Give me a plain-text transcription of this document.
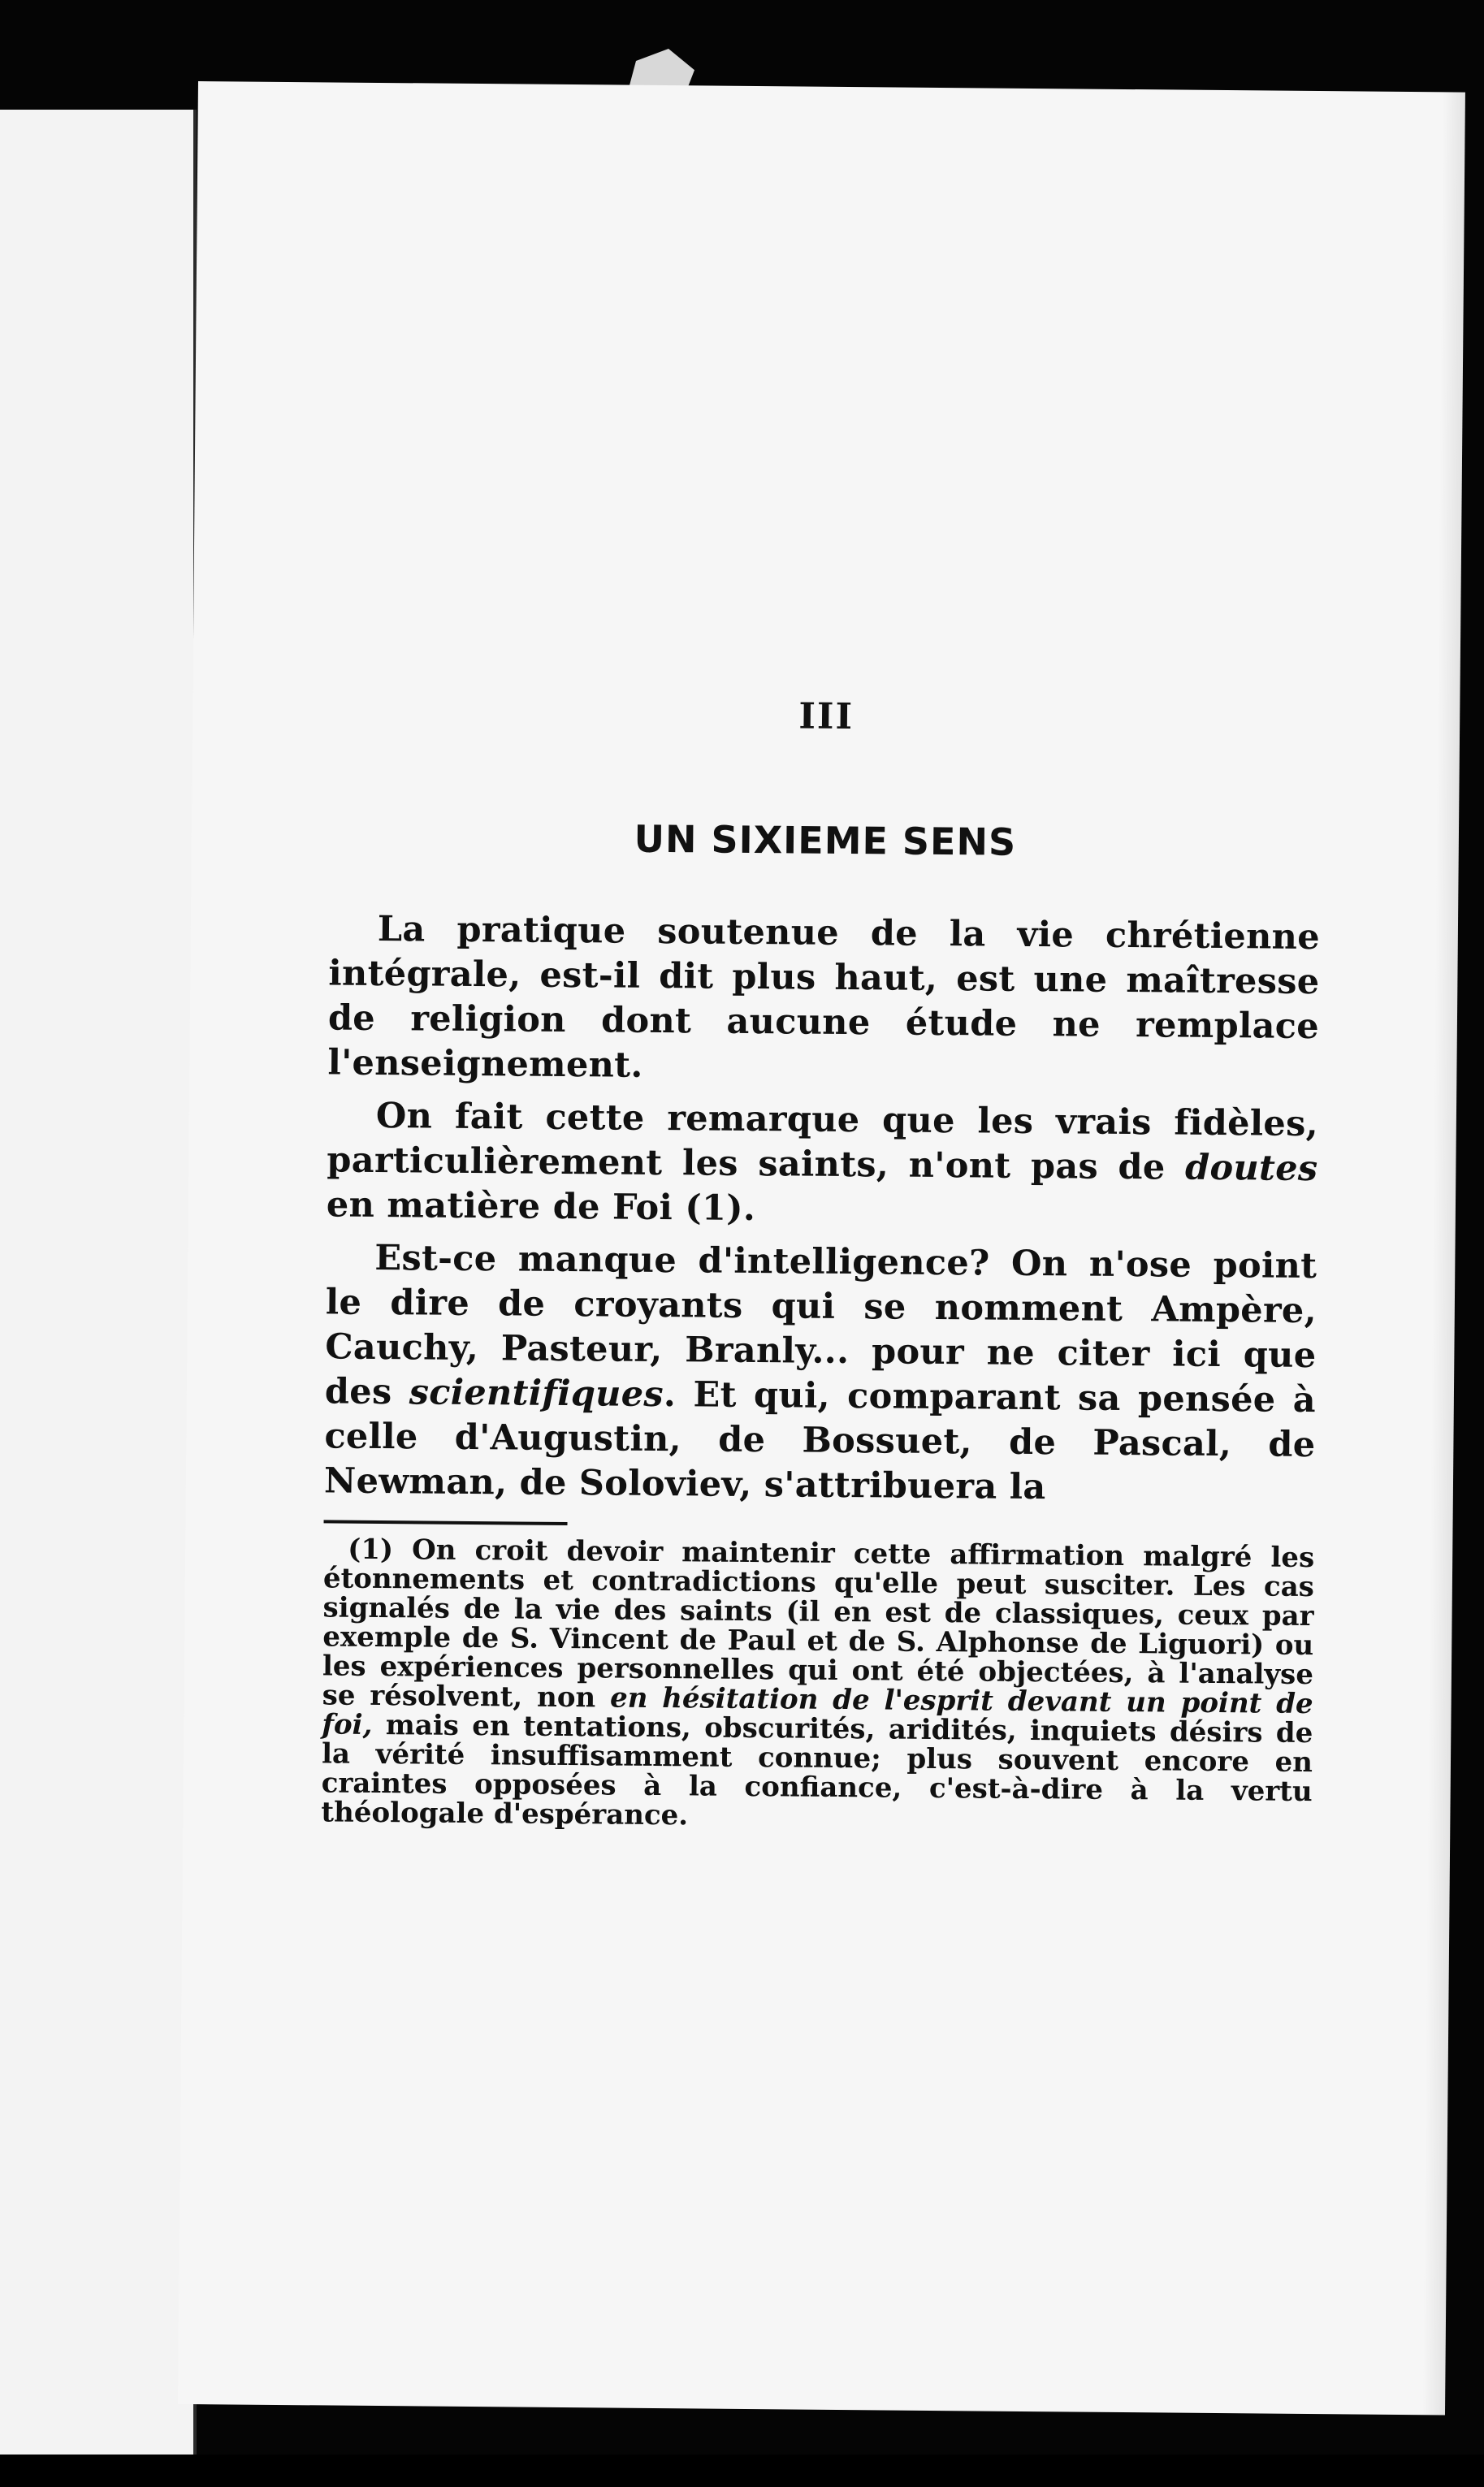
III
UN SIXIEME SENS

La pratique soutenue de la vie chrétienne intégrale, est-il dit plus haut, est une maîtresse de religion dont aucune étude ne remplace l'enseignement.

On fait cette remarque que les vrais fidèles, particulièrement les saints, n'ont pas de doutes en matière de Foi (1).

Est-ce manque d'intelligence? On n'ose point le dire de croyants qui se nomment Ampère, Cauchy, Pasteur, Branly... pour ne citer ici que des scientifiques. Et qui, comparant sa pensée à celle d'Augustin, de Bossuet, de Pascal, de Newman, de Soloviev, s'attribuera la

(1) On croit devoir maintenir cette affirmation malgré les étonnements et contradictions qu'elle peut susciter. Les cas signalés de la vie des saints (il en est de classiques, ceux par exemple de S. Vincent de Paul et de S. Alphonse de Liguori) ou les expériences personnelles qui ont été objectées, à l'analyse se résolvent, non en hésitation de l'esprit devant un point de foi, mais en tentations, obscurités, aridités, inquiets désirs de la vérité insuffisamment connue; plus souvent encore en craintes opposées à la confiance, c'est-à-dire à la vertu théologale d'espérance.
